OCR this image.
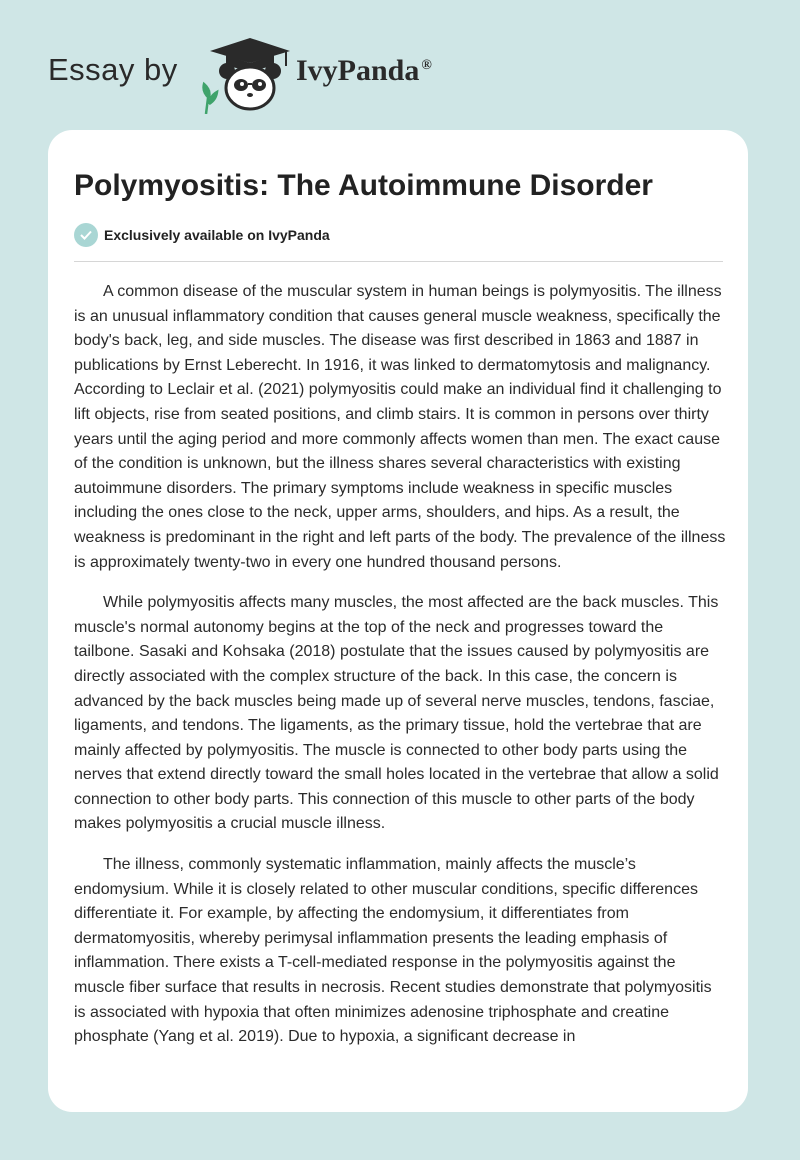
Essay by	IvyPanda ®
Polymyositis: The Autoimmune Disorder
Exclusively available on IvyPanda

A common disease of the muscular system in human beings is polymyositis. The illness is an unusual inflammatory condition that causes general muscle weakness, specifically the body's back, leg, and side muscles. The disease was first described in 1863 and 1887 in publications by Ernst Leberecht. In 1916, it was linked to dermatomytosis and malignancy. According to Leclair et al. (2021) polymyositis could make an individual find it challenging to lift objects, rise from seated positions, and climb stairs. It is common in persons over thirty years until the aging period and more commonly affects women than men. The exact cause of the condition is unknown, but the illness shares several characteristics with existing autoimmune disorders. The primary symptoms include weakness in specific muscles including the ones close to the neck, upper arms, shoulders, and hips. As a result, the weakness is predominant in the right and left parts of the body. The prevalence of the illness is approximately twenty-two in every one hundred thousand persons.

While polymyositis affects many muscles, the most affected are the back muscles. This muscle's normal autonomy begins at the top of the neck and progresses toward the tailbone. Sasaki and Kohsaka (2018) postulate that the issues caused by polymyositis are directly associated with the complex structure of the back. In this case, the concern is advanced by the back muscles being made up of several nerve muscles, tendons, fasciae, ligaments, and tendons. The ligaments, as the primary tissue, hold the vertebrae that are mainly affected by polymyositis. The muscle is connected to other body parts using the nerves that extend directly toward the small holes located in the vertebrae that allow a solid connection to other body parts. This connection of this muscle to other parts of the body makes polymyositis a crucial muscle illness.

The illness, commonly systematic inflammation, mainly affects the muscle’s endomysium. While it is closely related to other muscular conditions, specific differences differentiate it. For example, by affecting the endomysium, it differentiates from dermatomyositis, whereby perimysal inflammation presents the leading emphasis of inflammation. There exists a T-cell-mediated response in the polymyositis against the muscle fiber surface that results in necrosis. Recent studies demonstrate that polymyositis is associated with hypoxia that often minimizes adenosine triphosphate and creatine phosphate (Yang et al. 2019). Due to hypoxia, a significant decrease in
